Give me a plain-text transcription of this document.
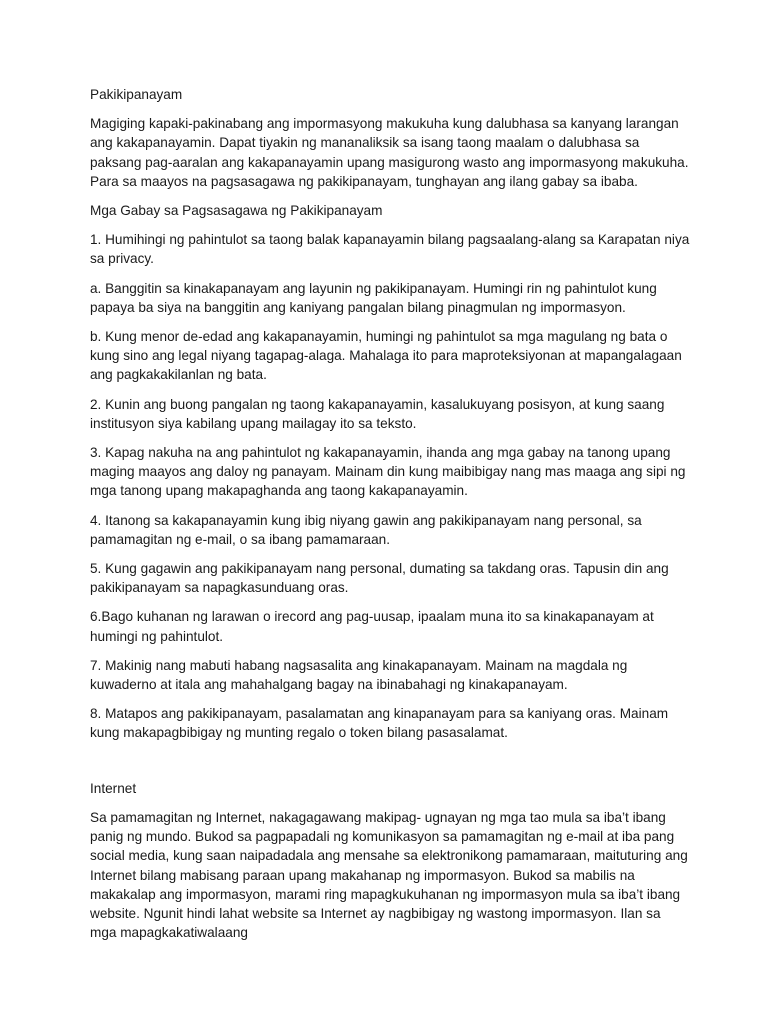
Pakikipanayam

Magiging kapaki-pakinabang ang impormasyong makukuha kung dalubhasa sa kanyang larangan ang kakapanayamin. Dapat tiyakin ng mananaliksik sa isang taong maalam o dalubhasa sa paksang pag-aaralan ang kakapanayamin upang masigurong wasto ang impormasyong makukuha. Para sa maayos na pagsasagawa ng pakikipanayam, tunghayan ang ilang gabay sa ibaba.

Mga Gabay sa Pagsasagawa ng Pakikipanayam

1. Humihingi ng pahintulot sa taong balak kapanayamin bilang pagsaalang-alang sa Karapatan niya sa privacy.

a. Banggitin sa kinakapanayam ang layunin ng pakikipanayam. Humingi rin ng pahintulot kung papaya ba siya na banggitin ang kaniyang pangalan bilang pinagmulan ng impormasyon.

b. Kung menor de-edad ang kakapanayamin, humingi ng pahintulot sa mga magulang ng bata o kung sino ang legal niyang tagapag-alaga. Mahalaga ito para maproteksiyonan at mapangalagaan ang pagkakakilanlan ng bata.

2. Kunin ang buong pangalan ng taong kakapanayamin, kasalukuyang posisyon, at kung saang institusyon siya kabilang upang mailagay ito sa teksto.

3. Kapag nakuha na ang pahintulot ng kakapanayamin, ihanda ang mga gabay na tanong upang maging maayos ang daloy ng panayam. Mainam din kung maibibigay nang mas maaga ang sipi ng mga tanong upang makapaghanda ang taong kakapanayamin.

4. Itanong sa kakapanayamin kung ibig niyang gawin ang pakikipanayam nang personal, sa pamamagitan ng e-mail, o sa ibang pamamaraan.

5. Kung gagawin ang pakikipanayam nang personal, dumating sa takdang oras. Tapusin din ang pakikipanayam sa napagkasunduang oras.

6.Bago kuhanan ng larawan o irecord ang pag-uusap, ipaalam muna ito sa kinakapanayam at humingi ng pahintulot.

7. Makinig nang mabuti habang nagsasalita ang kinakapanayam. Mainam na magdala ng kuwaderno at itala ang mahahalgang bagay na ibinabahagi ng kinakapanayam.

8. Matapos ang pakikipanayam, pasalamatan ang kinapanayam para sa kaniyang oras. Mainam kung makapagbibigay ng munting regalo o token bilang pasasalamat.

Internet

Sa pamamagitan ng Internet, nakagagawang makipag- ugnayan ng mga tao mula sa iba’t ibang panig ng mundo. Bukod sa pagpapadali ng komunikasyon sa pamamagitan ng e-mail at iba pang social media, kung saan naipadadala ang mensahe sa elektronikong pamamaraan, maituturing ang Internet bilang mabisang paraan upang makahanap ng impormasyon. Bukod sa mabilis na makakalap ang impormasyon, marami ring mapagkukuhanan ng impormasyon mula sa iba’t ibang website. Ngunit hindi lahat website sa Internet ay nagbibigay ng wastong impormasyon. Ilan sa mga mapagkakatiwalaang
